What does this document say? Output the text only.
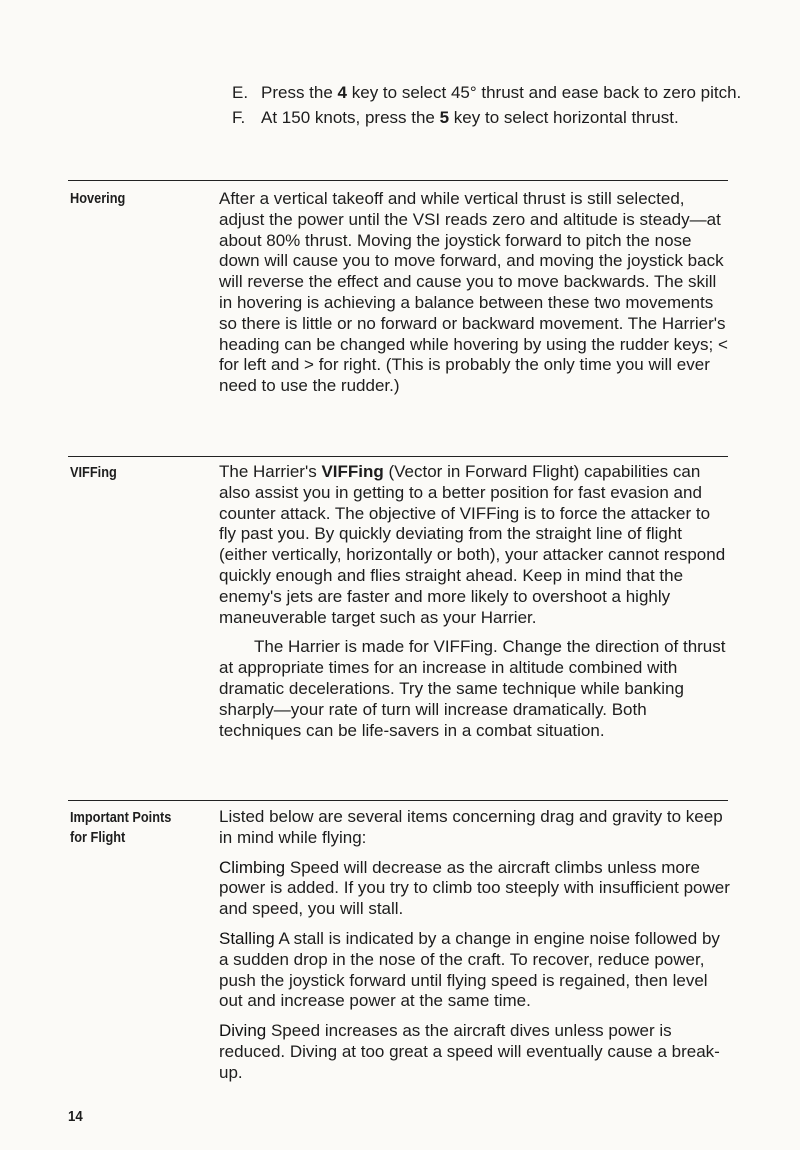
E. Press the 4 key to select 45° thrust and ease back to zero pitch.
F. At 150 knots, press the 5 key to select horizontal thrust.
Hovering	After a vertical takeoff and while vertical thrust is still selected, adjust the power until the VSI reads zero and altitude is steady—at about 80% thrust. Moving the joystick forward to pitch the nose down will cause you to move forward, and moving the joystick back will reverse the effect and cause you to move backwards. The skill in hovering is achieving a balance between these two movements so there is little or no forward or backward movement. The Harrier's heading can be changed while hovering by using the rudder keys; < for left and > for right. (This is probably the only time you will ever need to use the rudder.)

VIFFing	The Harrier's VIFFing (Vector in Forward Flight) capabilities can also assist you in getting to a better position for fast evasion and counter attack. The objective of VIFFing is to force the attacker to fly past you. By quickly deviating from the straight line of flight (either vertically, horizontally or both), your attacker cannot respond quickly enough and flies straight ahead. Keep in mind that the enemy's jets are faster and more likely to overshoot a highly maneuverable target such as your Harrier.

The Harrier is made for VIFFing. Change the direction of thrust at appropriate times for an increase in altitude combined with dramatic decelerations. Try the same technique while banking sharply—your rate of turn will increase dramatically. Both techniques can be life-savers in a combat situation.

Important Points
for Flight

Listed below are several items concerning drag and gravity to keep in mind while flying:

Climbing Speed will decrease as the aircraft climbs unless more power is added. If you try to climb too steeply with insufficient power and speed, you will stall.

Stalling A stall is indicated by a change in engine noise followed by a sudden drop in the nose of the craft. To recover, reduce power, push the joystick forward until flying speed is regained, then level out and increase power at the same time.

Diving Speed increases as the aircraft dives unless power is reduced. Diving at too great a speed will eventually cause a break-up.

14
